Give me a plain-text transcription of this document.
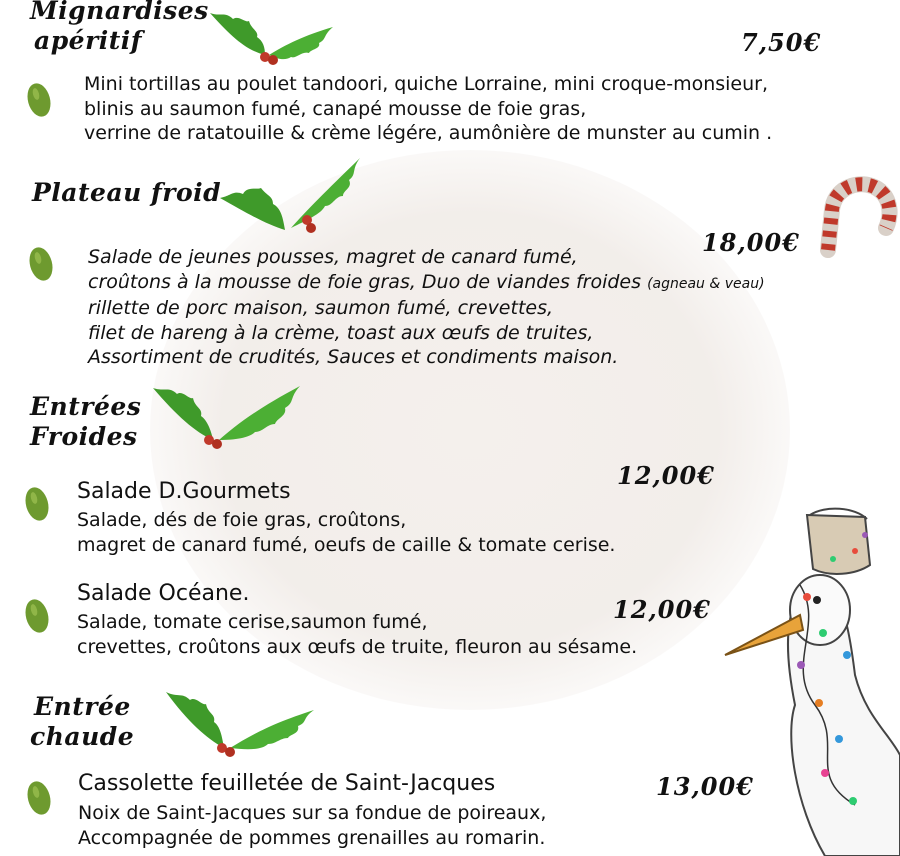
Mignardises
apéritif	7,50€
Mini tortillas au poulet tandoori, quiche Lorraine, mini croque-monsieur,
blinis au saumon fumé, canapé mousse de foie gras,
verrine de ratatouille & crème légére, aumônière de munster au cumin .
Plateau froid
18,00€
Salade de jeunes pousses, magret de canard fumé,
croûtons à la mousse de foie gras, Duo de viandes froides (agneau & veau)
rillette de porc maison, saumon fumé, crevettes,
filet de hareng à la crème, toast aux œufs de truites,
Assortiment de crudités, Sauces et condiments maison.
Entrées
Froides
12,00€
Salade D.Gourmets
Salade, dés de foie gras, croûtons,
magret de canard fumé, oeufs de caille & tomate cerise.
Salade Océane.
12,00€
Salade, tomate cerise,saumon fumé,
crevettes, croûtons aux œufs de truite, fleuron au sésame.
Entrée
chaude
Cassolette feuilletée de Saint-Jacques	13,00€
Noix de Saint-Jacques sur sa fondue de poireaux,
Accompagnée de pommes grenailles au romarin.
